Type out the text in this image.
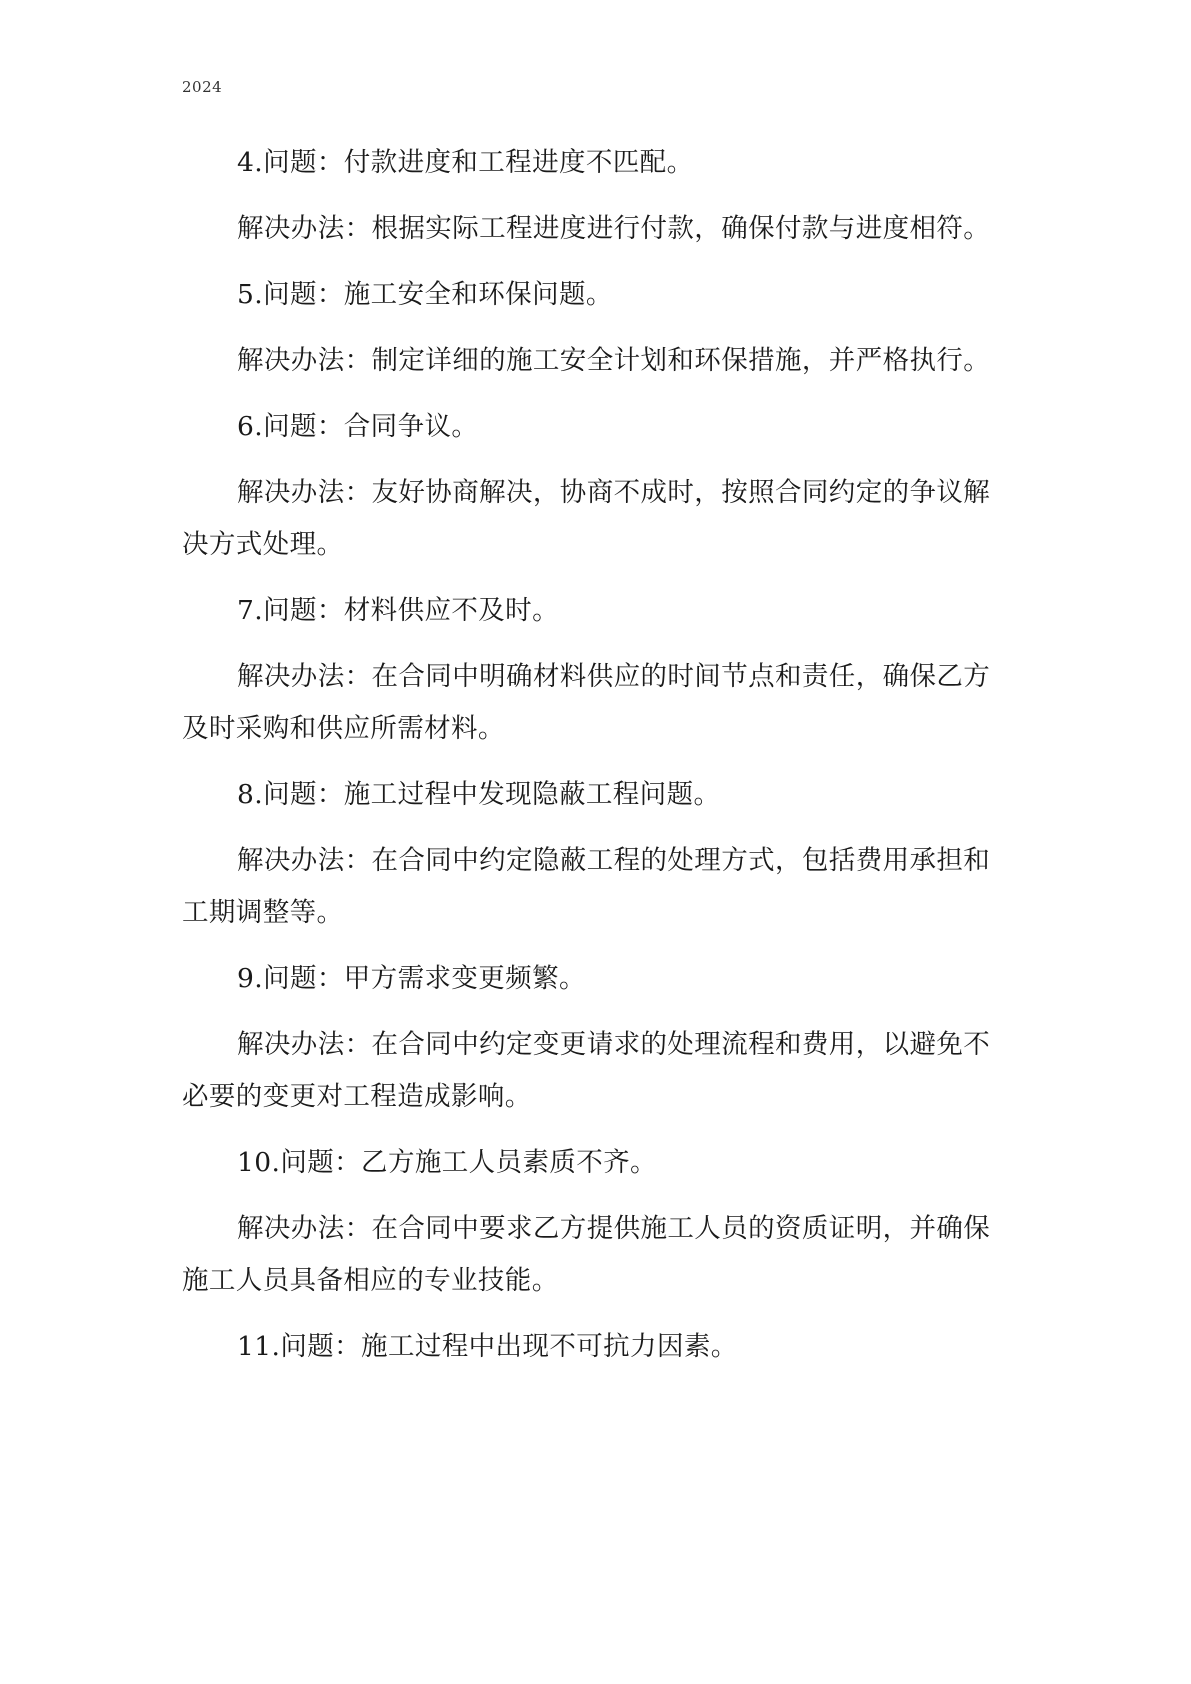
2024

4.问题：付款进度和工程进度不匹配。

解决办法：根据实际工程进度进行付款，确保付款与进度相符。

5.问题：施工安全和环保问题。

解决办法：制定详细的施工安全计划和环保措施，并严格执行。

6.问题：合同争议。

解决办法：友好协商解决，协商不成时，按照合同约定的争议解决方式处理。

7.问题：材料供应不及时。

解决办法：在合同中明确材料供应的时间节点和责任，确保乙方及时采购和供应所需材料。

8.问题：施工过程中发现隐蔽工程问题。

解决办法：在合同中约定隐蔽工程的处理方式，包括费用承担和工期调整等。

9.问题：甲方需求变更频繁。

解决办法：在合同中约定变更请求的处理流程和费用，以避免不必要的变更对工程造成影响。

10.问题：乙方施工人员素质不齐。

解决办法：在合同中要求乙方提供施工人员的资质证明，并确保施工人员具备相应的专业技能。

11.问题：施工过程中出现不可抗力因素。
